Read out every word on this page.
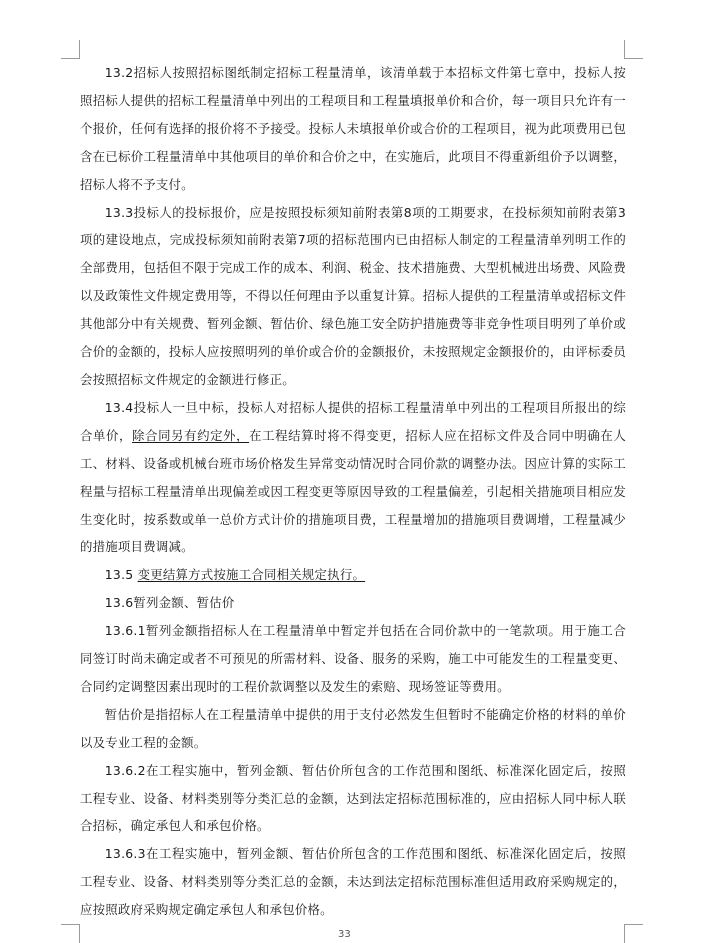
13.2招标人按照招标图纸制定招标工程量清单，该清单载于本招标文件第七章中，投标人按照招标人提供的招标工程量清单中列出的工程项目和工程量填报单价和合价，每一项目只允许有一个报价，任何有选择的报价将不予接受。投标人未填报单价或合价的工程项目，视为此项费用已包含在已标价工程量清单中其他项目的单价和合价之中，在实施后，此项目不得重新组价予以调整，招标人将不予支付。

13.3投标人的投标报价，应是按照投标须知前附表第8项的工期要求，在投标须知前附表第3项的建设地点，完成投标须知前附表第7项的招标范围内已由招标人制定的工程量清单列明工作的全部费用，包括但不限于完成工作的成本、利润、税金、技术措施费、大型机械进出场费、风险费以及政策性文件规定费用等，不得以任何理由予以重复计算。招标人提供的工程量清单或招标文件其他部分中有关规费、暂列金额、暂估价、绿色施工安全防护措施费等非竞争性项目明列了单价或合价的金额的，投标人应按照明列的单价或合价的金额报价，未按照规定金额报价的，由评标委员会按照招标文件规定的金额进行修正。

13.4投标人一旦中标，投标人对招标人提供的招标工程量清单中列出的工程项目所报出的综合单价，除合同另有约定外，在工程结算时将不得变更，招标人应在招标文件及合同中明确在人工、材料、设备或机械台班市场价格发生异常变动情况时合同价款的调整办法。因应计算的实际工程量与招标工程量清单出现偏差或因工程变更等原因导致的工程量偏差，引起相关措施项目相应发生变化时，按系数或单一总价方式计价的措施项目费，工程量增加的措施项目费调增，工程量减少的措施项目费调减。

13.5 变更结算方式按施工合同相关规定执行。

13.6暂列金额、暂估价

13.6.1暂列金额指招标人在工程量清单中暂定并包括在合同价款中的一笔款项。用于施工合同签订时尚未确定或者不可预见的所需材料、设备、服务的采购，施工中可能发生的工程量变更、合同约定调整因素出现时的工程价款调整以及发生的索赔、现场签证等费用。

暂估价是指招标人在工程量清单中提供的用于支付必然发生但暂时不能确定价格的材料的单价以及专业工程的金额。

13.6.2在工程实施中，暂列金额、暂估价所包含的工作范围和图纸、标准深化固定后，按照工程专业、设备、材料类别等分类汇总的金额，达到法定招标范围标准的，应由招标人同中标人联合招标，确定承包人和承包价格。

13.6.3在工程实施中，暂列金额、暂估价所包含的工作范围和图纸、标准深化固定后，按照工程专业、设备、材料类别等分类汇总的金额，未达到法定招标范围标准但适用政府采购规定的，应按照政府采购规定确定承包人和承包价格。

33
